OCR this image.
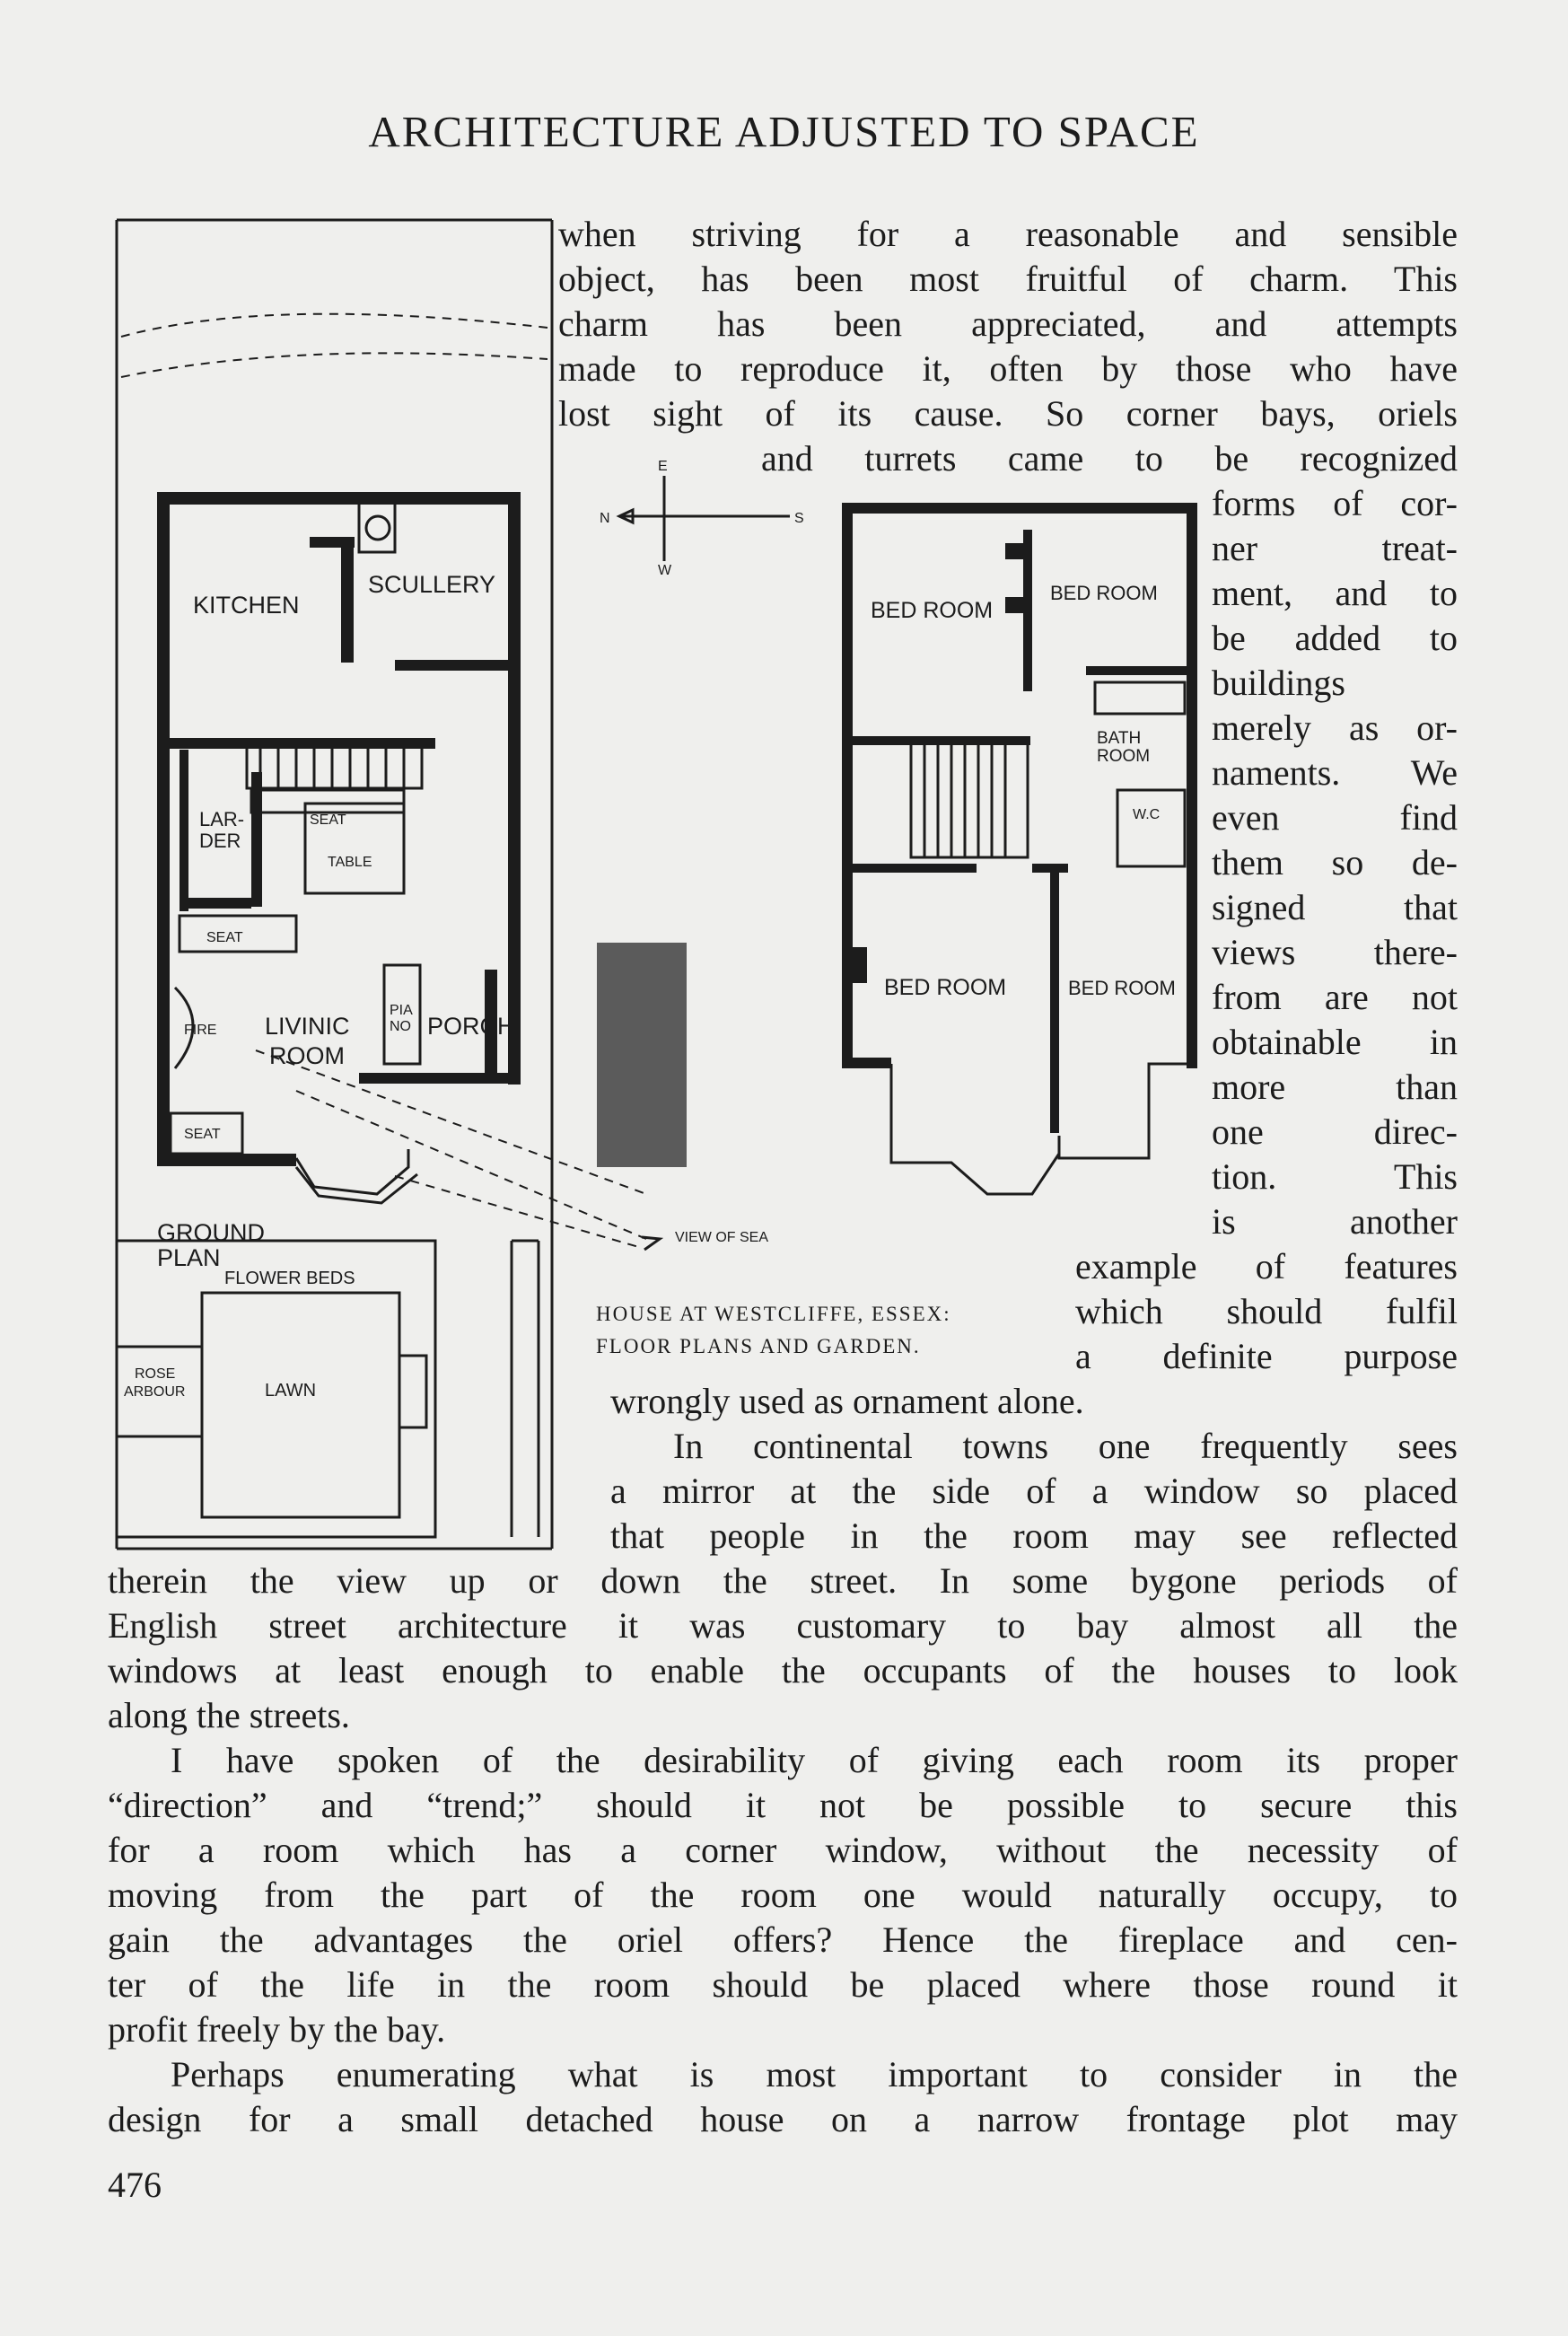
ARCHITECTURE ADJUSTED TO SPACE
KITCHEN
SCULLERY
LAR-
DER
SEAT
TABLE
SEAT
LIVINIC
ROOM
PIA
NO PORCH
FIRE
SEAT
VIEW OF SEA
GROUND
PLAN
FLOWER BEDS
ROSE
ARBOUR	LAWN
N	S
E
W
BED ROOM
BED ROOM
BATH
ROOM
W.C
BED ROOM	BED ROOM
HOUSE AT WESTCLIFFE, ESSEX:
FLOOR PLANS AND GARDEN.
when striving for a reasonable and sensible
object, has been most fruitful of charm. This
charm has been appreciated, and attempts
made to reproduce it, often by those who have
lost sight of its cause. So corner bays, oriels
and turrets came to be recognized
forms of cor-
ner treat-
ment, and to
be added to
buildings
merely as or-
naments. We
even find
them so de-
signed that
views there-
from are not
obtainable in
more than
one direc-
tion. This
is another
example of features
which should fulfil
a definite purpose
wrongly used as ornament alone.
In continental towns one frequently sees
a mirror at the side of a window so placed
that people in the room may see reflected
therein the view up or down the street. In some bygone periods of
English street architecture it was customary to bay almost all the
windows at least enough to enable the occupants of the houses to look
along the streets.
I have spoken of the desirability of giving each room its proper
“direction” and “trend;” should it not be possible to secure this
for a room which has a corner window, without the necessity of
moving from the part of the room one would naturally occupy, to
gain the advantages the oriel offers? Hence the fireplace and cen-
ter of the life in the room should be placed where those round it
profit freely by the bay.
Perhaps enumerating what is most important to consider in the
design for a small detached house on a narrow frontage plot may
476
